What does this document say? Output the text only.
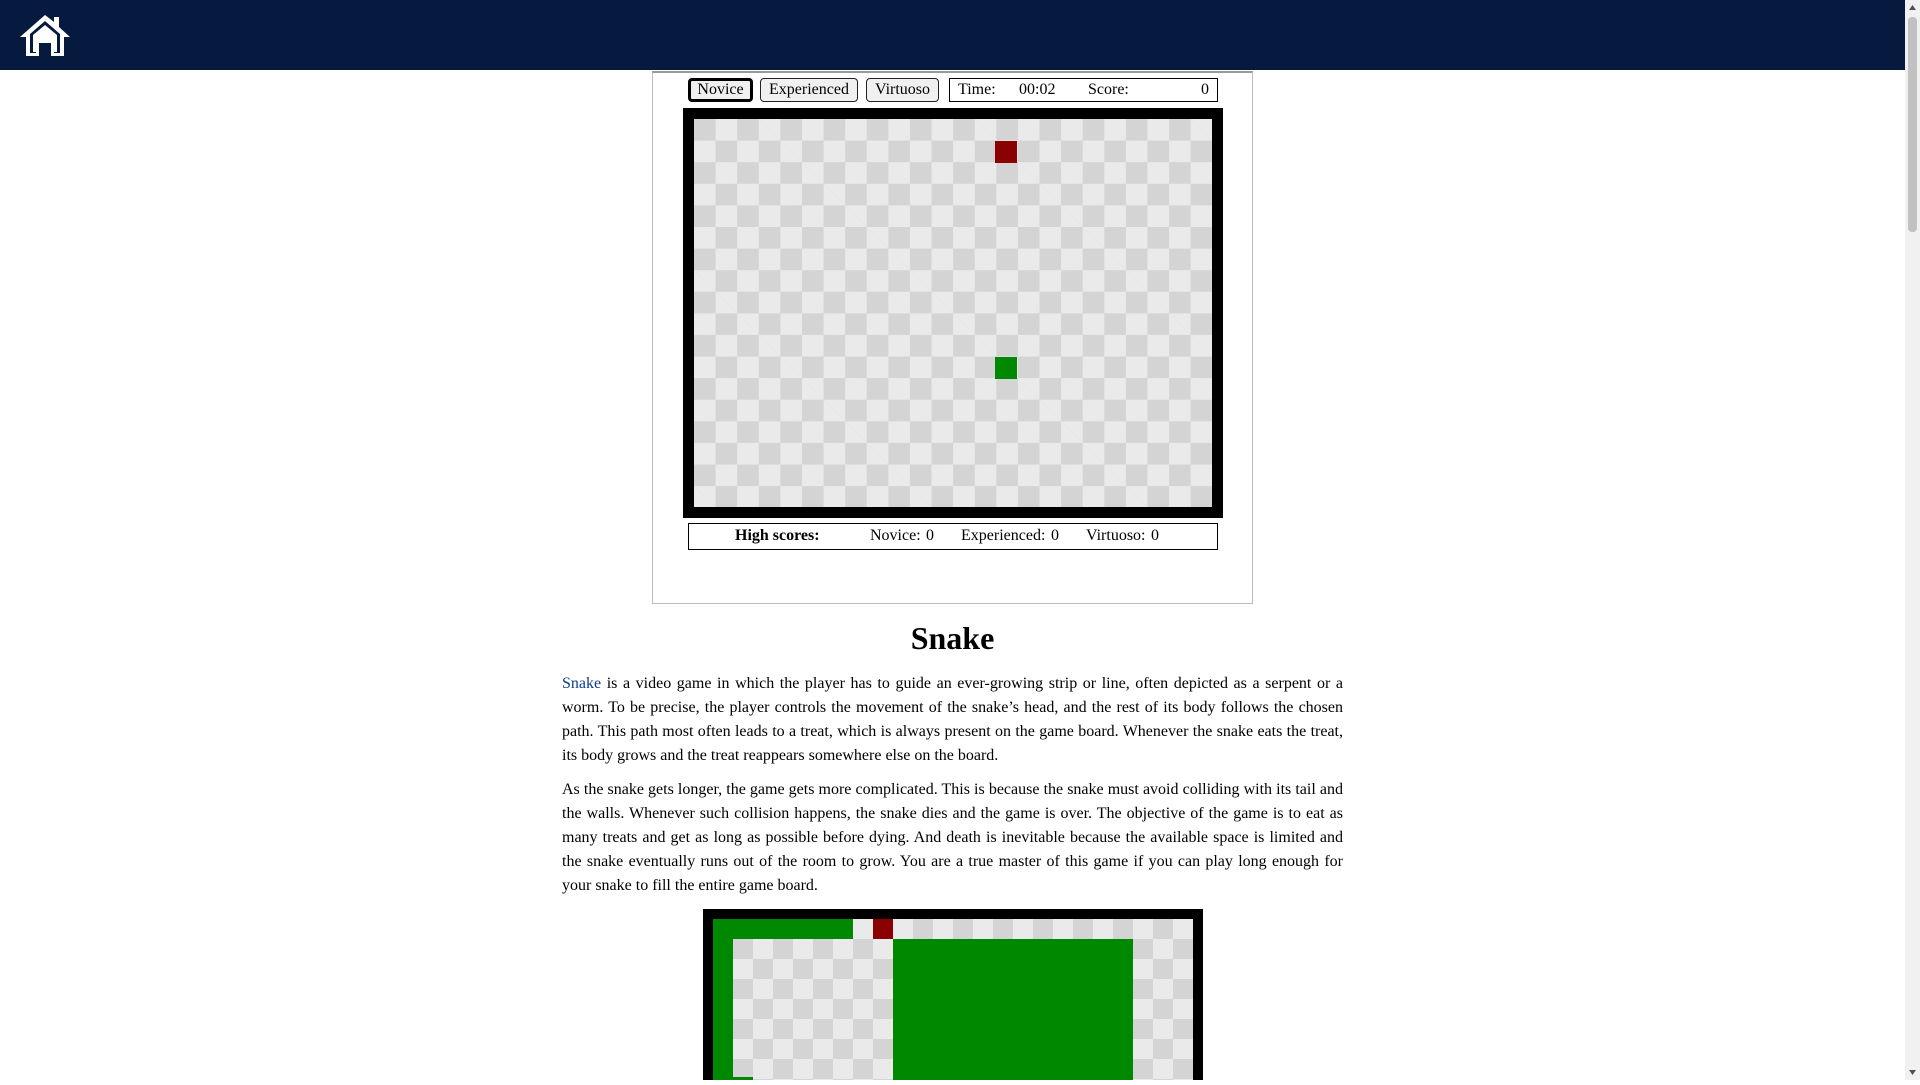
Novice	Experienced	Virtuoso	Time: 00:02 Score:	0
High scores:	Novice: 0 Experienced: 0 Virtuoso: 0
Snake

Snake is a video game in which the player has to guide an ever-growing strip or line, often depicted as a serpent or a worm. To be precise, the player controls the movement of the snake’s head, and the rest of its body follows the chosen path. This path most often leads to a treat, which is always present on the game board. Whenever the snake eats the treat, its body grows and the treat reappears somewhere else on the board.

As the snake gets longer, the game gets more complicated. This is because the snake must avoid colliding with its tail and the walls. Whenever such collision happens, the snake dies and the game is over. The objective of the game is to eat as many treats and get as long as possible before dying. And death is inevitable because the available space is limited and the snake eventually runs out of the room to grow. You are a true master of this game if you can play long enough for your snake to fill the entire game board.
